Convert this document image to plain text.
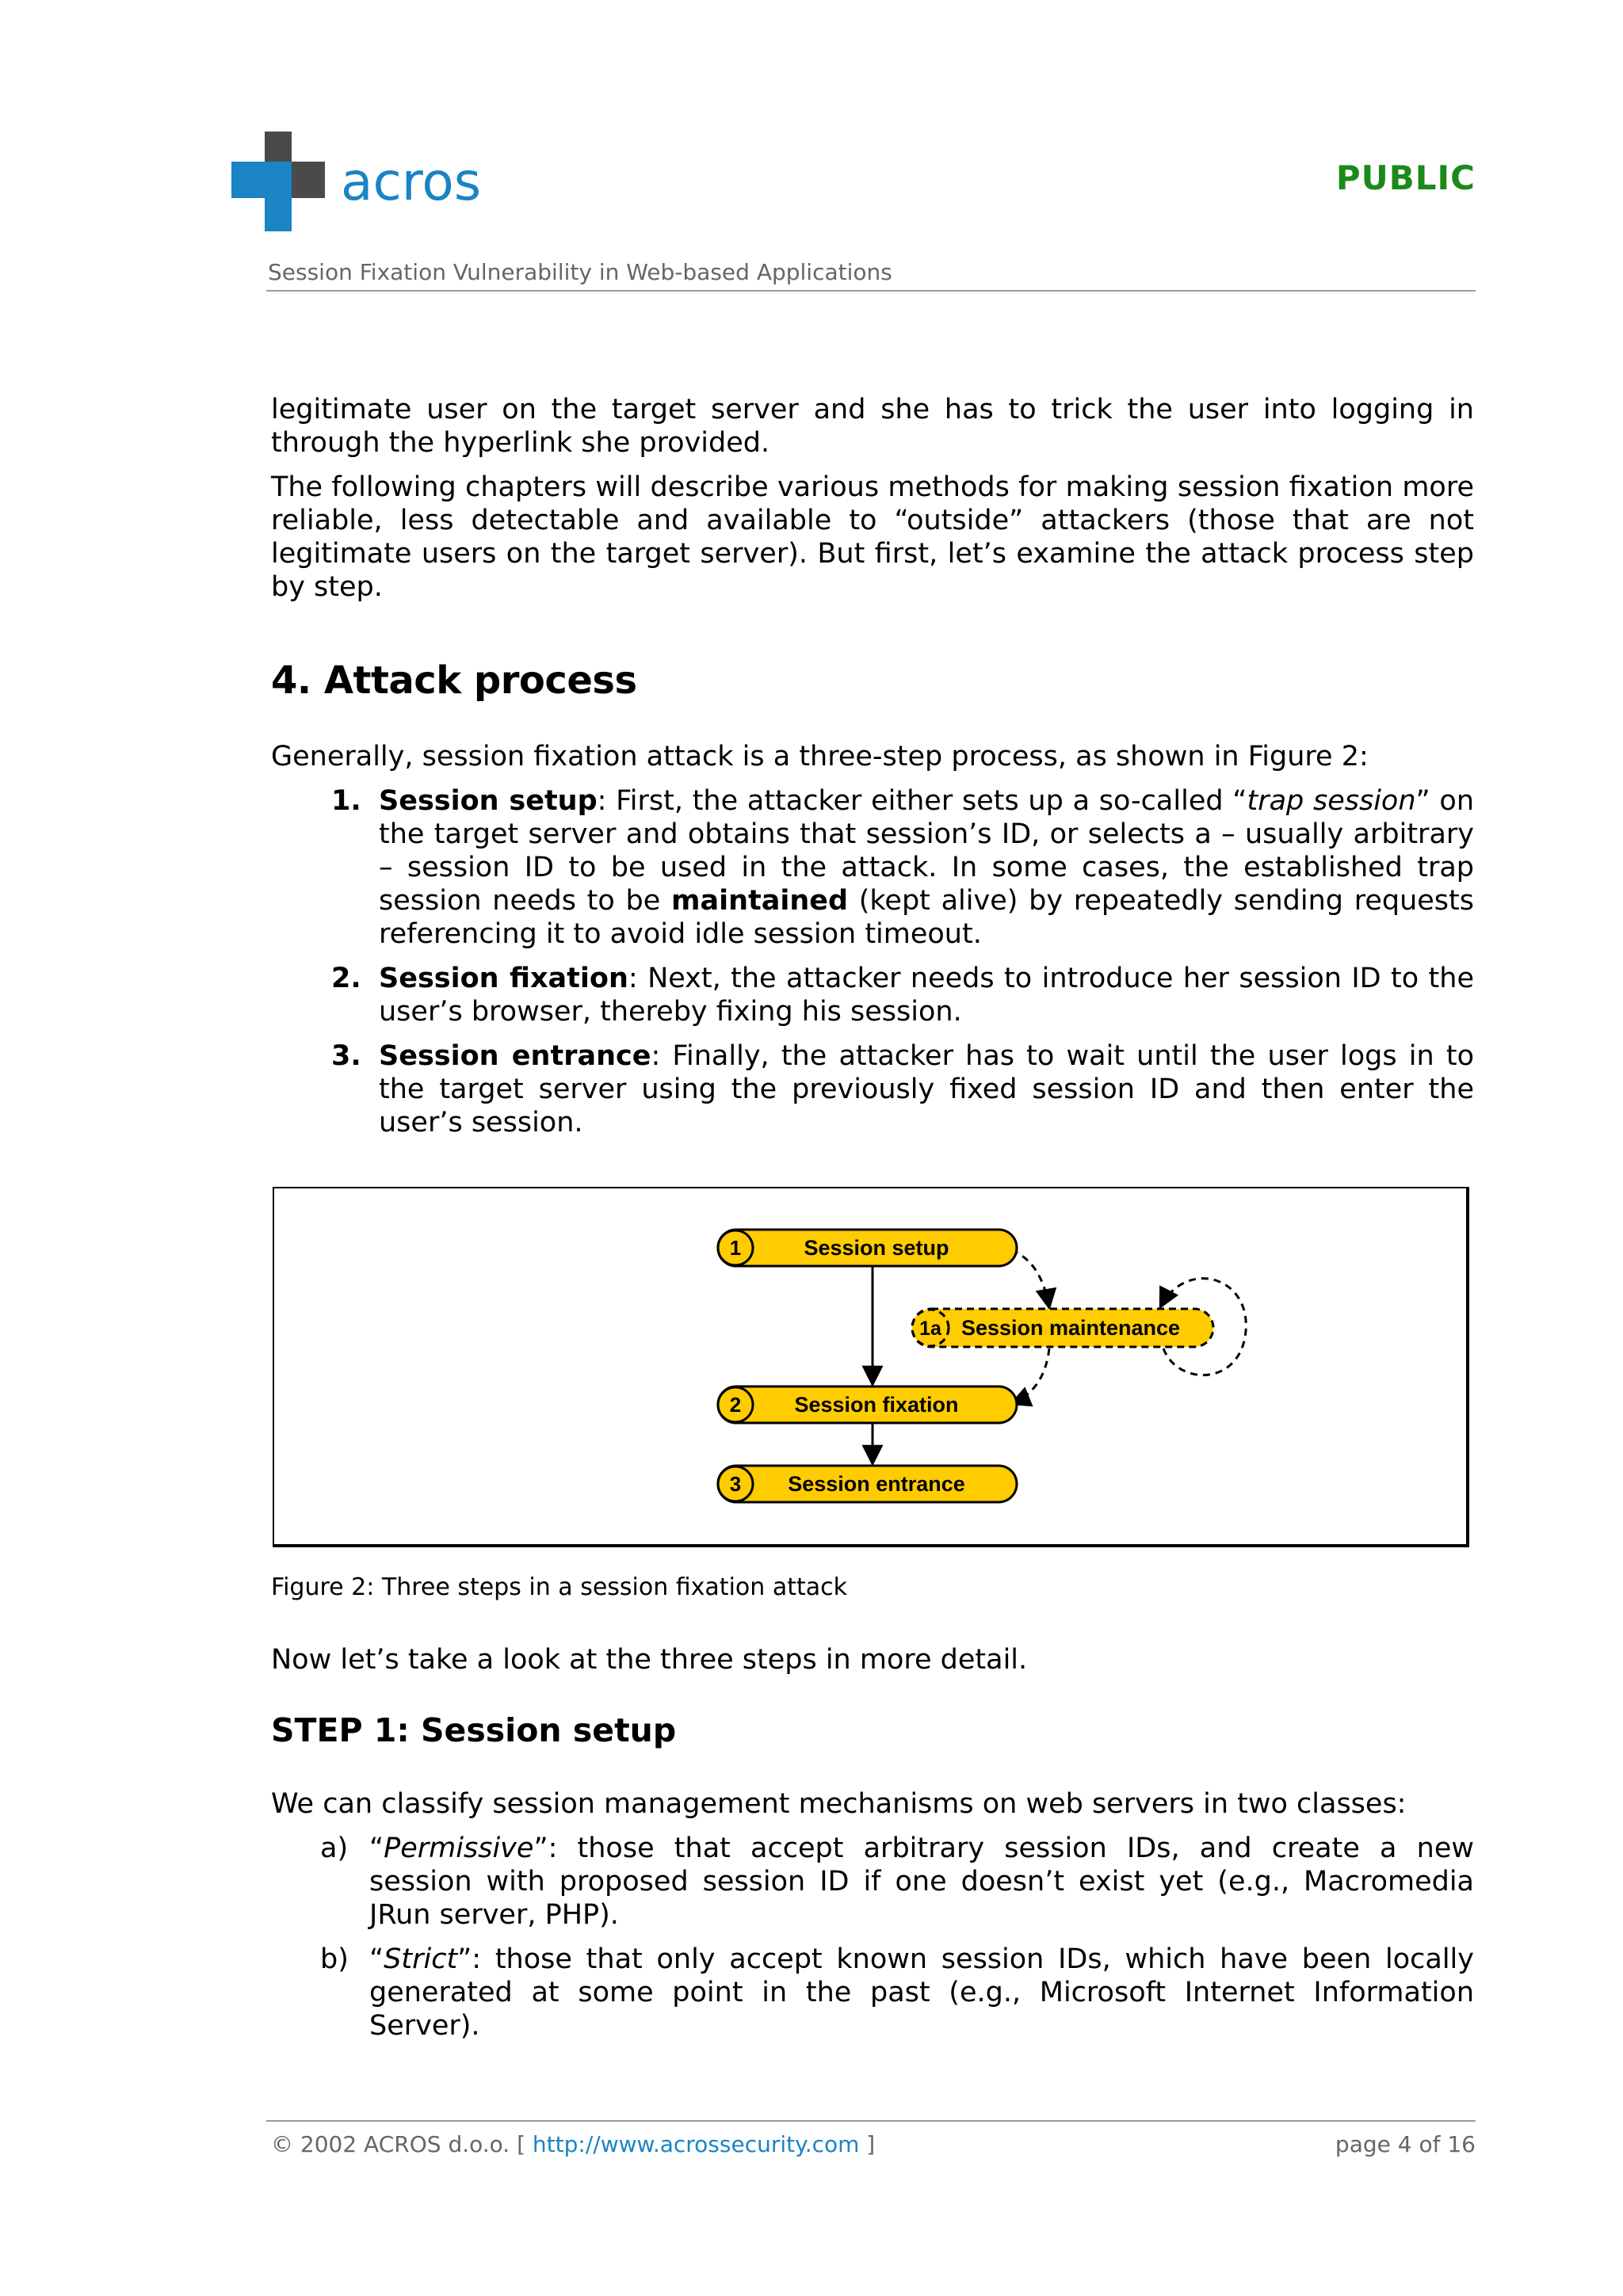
acros	PUBLIC
Session Fixation Vulnerability in Web-based Applications
legitimate user on the target server and she has to trick the user into logging in
through the hyperlink she provided.
The following chapters will describe various methods for making session fixation more reliable, less detectable and available to “outside” attackers (those that are not legitimate users on the target server). But first, let’s examine the attack process step by step.
4. Attack process
Generally, session fixation attack is a three-step process, as shown in Figure 2:
1. Session setup: First, the attacker either sets up a so-called “trap session” on the target server and obtains that session’s ID, or selects a – usually arbitrary – session ID to be used in the attack. In some cases, the established trap session needs to be maintained (kept alive) by repeatedly sending requests referencing it to avoid idle session timeout.
2. Session fixation: Next, the attacker needs to introduce her session ID to the user’s browser, thereby fixing his session.
3. Session entrance: Finally, the attacker has to wait until the user logs in to the target server using the previously fixed session ID and then enter the user’s session.
1	Session setup
1a Session maintenance
2 Session fixation
3 Session entrance
Figure 2: Three steps in a session fixation attack
Now let’s take a look at the three steps in more detail.
STEP 1: Session setup
We can classify session management mechanisms on web servers in two classes:
a) “Permissive”: those that accept arbitrary session IDs, and create a new session with proposed session ID if one doesn’t exist yet (e.g., Macromedia JRun server, PHP).
b) “Strict”: those that only accept known session IDs, which have been locally generated at some point in the past (e.g., Microsoft Internet Information Server).
© 2002 ACROS d.o.o. [ http://www.acrossecurity.com ]	page 4 of 16
